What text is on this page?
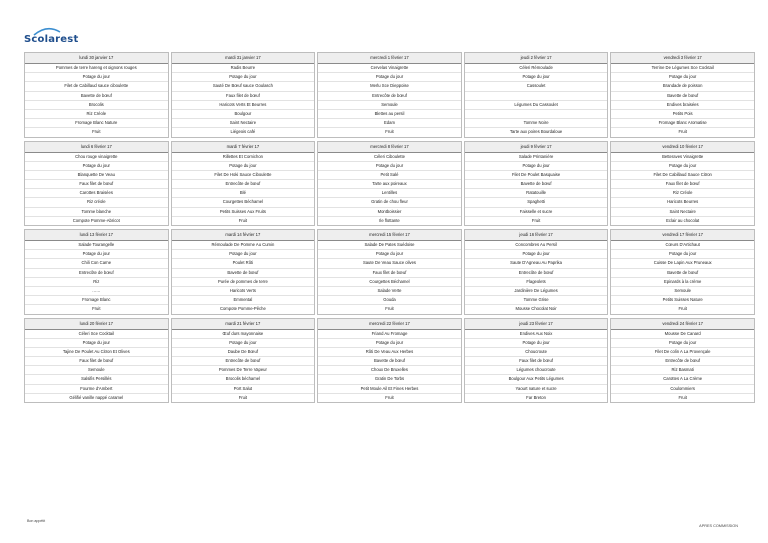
Scolarest
lundi 30 janvier 17
Pommes de terre hareng et oignons rouges
Potage du jour
Filet de Cabillaud sauce ciboulette
Bavette de bœuf
Brocolis
Riz Créole
Fromage Blanc Nature
Fruit
mardi 31 janvier 17
Radis Beurre
Potage du jour
Sauté De Bœuf sauce Goulasch
Faux filet de bœuf
Haricots Verts Et Beurres
Boulgour
Saint Nectaire
Liégeois café
mercredi 1 février 17
Cervelas Vinaigrette
Potage du jour
Merlu Sce Dieppoise
Entrecôte de bœuf
Semoule
Blettes au persil
Edam
Fruit
jeudi 2 février 17
Céleri Rémoulade
Potage du jour
Cassoulet
Légumes Du Cassoulet
Tomme Noire
Tarte aux poires Bourdaloue
vendredi 3 février 17
Terrine De Légumes Sce Cocktail
Potage du jour
Brandade de poisson
Bavette de bœuf
Endives braisées
Petits Pois
Fromage Blanc Aromatise
Fruit
lundi 6 février 17
Chou rouge vinaigrette
Potage du jour
Blanquette De Veau
Faux filet de bœuf
Carottes Braisées
Riz créole
Tomme blanche
Compote Pomme-Abricot
mardi 7 février 17
Rillettes Et Cornichon
Potage du jour
Filet De Hoki Sauce Ciboulette
Entrecôte de bœuf
Blé
Courgettes Béchamel
Petits Suisses Aux Fruits
Fruit
mercredi 8 février 17
Céleri Ciboulette
Potage du jour
Petit Salé
Tarte aux poireaux
Lentilles
Gratin de chou fleur
Montboissier
Ile flottante
jeudi 9 février 17
Salade Printanière
Potage du jour
Filet De Poulet Basquaise
Bavette de bœuf
Ratatouille
Spaghetti
Faisselle et sucre
Fruit
vendredi 10 février 17
Betteraves Vinaigrette
Potage du jour
Filet De Cabillaud Sauce Citron
Faux filet de bœuf
Riz Créole
Haricots Beurres
Saint Nectaire
Eclair au chocolat
lundi 13 février 17
Salade Tourangelle
Potage du jour
Chili Con Carne
Entrecôte de bœuf
Riz
……
Fromage Blanc
Fruit
mardi 14 février 17
Rémoulade De Pomme Au Cumin
Potage du jour
Poulet Rôti
Bavette de bœuf
Purée de pommes de terre
Haricots Verts
Emmental
Compote Pomme-Pêche
mercredi 15 février 17
Salade De Pates Suédoise
Potage du jour
Saute De Veau Sauce olives
Faux filet de bœuf
Courgettes Béchamel
Salade Verte
Gouda
Fruit
jeudi 16 février 17
Concombres Au Persil
Potage du jour
Saute D'Agneau Au Paprika
Entrecôte de bœuf
Flageolets
Jardinière De Légumes
Tomme Grise
Mousse Chocolat Noir
vendredi 17 février 17
Cœurs D'Artichaut
Potage du jour
Cuisse De Lapin Aux Pruneaux
Bavette de bœuf
Epinards à la crème
Semoule
Petits Suisses Nature
Fruit
lundi 20 février 17
Céleri Sce Cocktail
Potage du jour
Tajine De Poulet Au Citron Et Olives
Faux filet de bœuf
Semoule
Salsifis Persillés
Fourme d'Ambert
Gélifié vanille nappé caramel
mardi 21 février 17
Œuf durs mayonnaise
Potage du jour
Daube De Bœuf
Entrecôte de bœuf
Pommes De Terre Vapeur
Brocolis béchamel
Port Salut
Fruit
mercredi 22 février 17
Friand Au Fromage
Potage du jour
Rôti De Veau Aux Herbes
Bavette de bœuf
Choux De Bruxelles
Gratin De Torbs
Petit Moule Ail Et Fines Herbes
Fruit
jeudi 23 février 17
Endives Aux Noix
Potage du jour
Choucroute
Faux filet de bœuf
Légumes choucroute
Boulgour Aux Petits Légumes
Yaourt nature et sucre
Far Breton
vendredi 24 février 17
Mousse De Canard
Potage du jour
Filet De colin A La Provençale
Entrecôte de bœuf
Riz Basmati
Carottes A La Crème
Coulommiers
Fruit
Bon appétit
APRES COMMISSION
